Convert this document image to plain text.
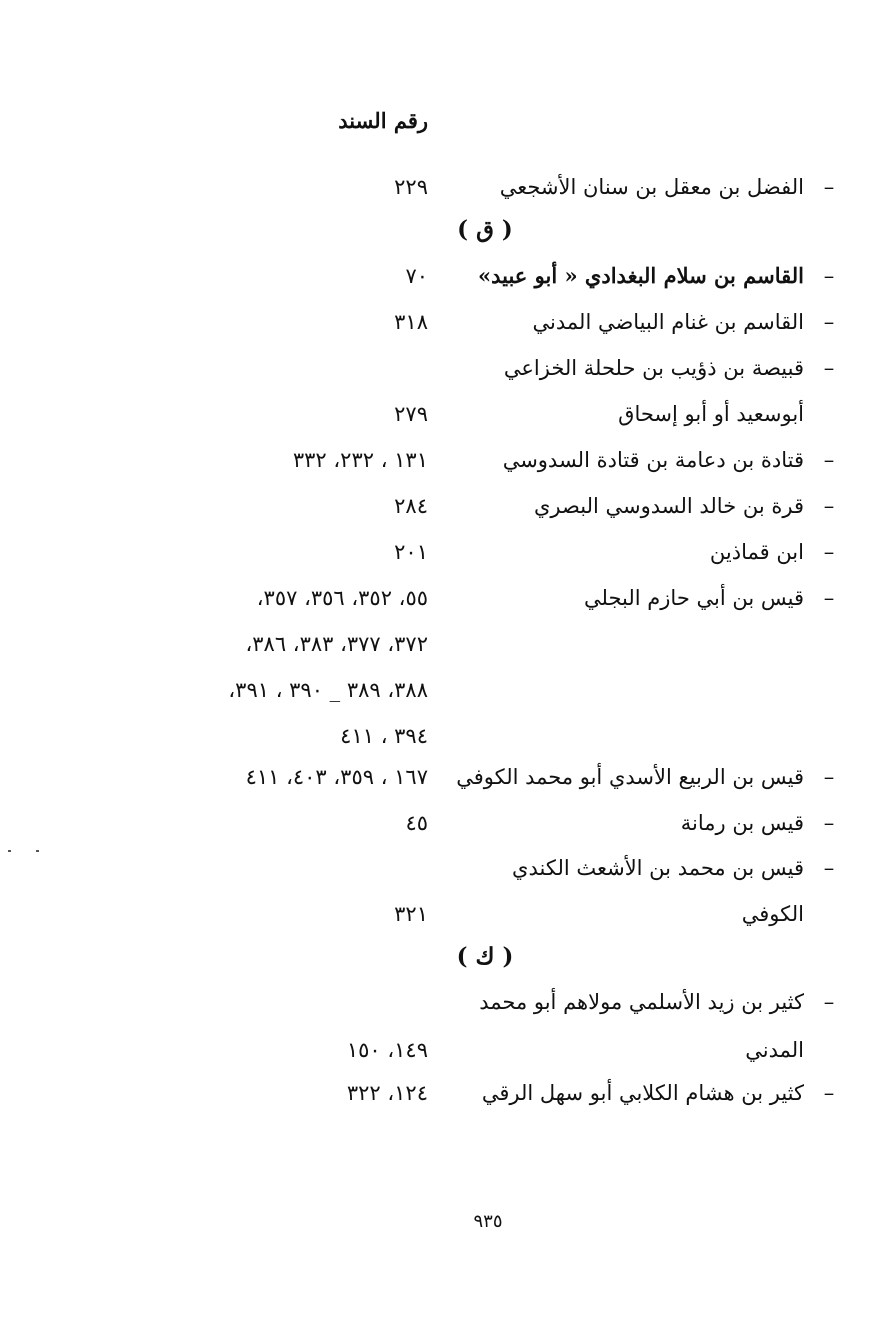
رقم السند
–
الفضل بن معقل بن سنان الأشجعي
٢٢٩
( ق )
–
القاسم بن سلام البغدادي « أبو عبيد»
٧٠
–
القاسم بن غنام البياضي المدني
٣١٨
–
قبيصة بن ذؤيب بن حلحلة الخزاعي
أبوسعيد أو أبو إسحاق
٢٧٩
–
قتادة بن دعامة بن قتادة السدوسي
١٣١ ، ٢٣٢، ٣٣٢
–
قرة بن خالد السدوسي البصري
٢٨٤
–
ابن قماذين
٢٠١
–
قيس بن أبي حازم البجلي
٥٥، ٣٥٢، ٣٥٦، ٣٥٧،
٣٧٢، ٣٧٧، ٣٨٣، ٣٨٦،
٣٨٨، ٣٨٩ _ ٣٩٠ ، ٣٩١،
٣٩٤ ، ٤١١
–
قيس بن الربيع الأسدي أبو محمد الكوفي
١٦٧ ، ٣٥٩، ٤٠٣، ٤١١
–
قيس بن رمانة
٤٥
–
قيس بن محمد بن الأشعث الكندي
الكوفي
٣٢١
( ك )
–
كثير بن زيد الأسلمي مولاهم أبو محمد
المدني
١٤٩، ١٥٠
–
كثير بن هشام الكلابي أبو سهل الرقي
١٢٤، ٣٢٢
٩٣٥
